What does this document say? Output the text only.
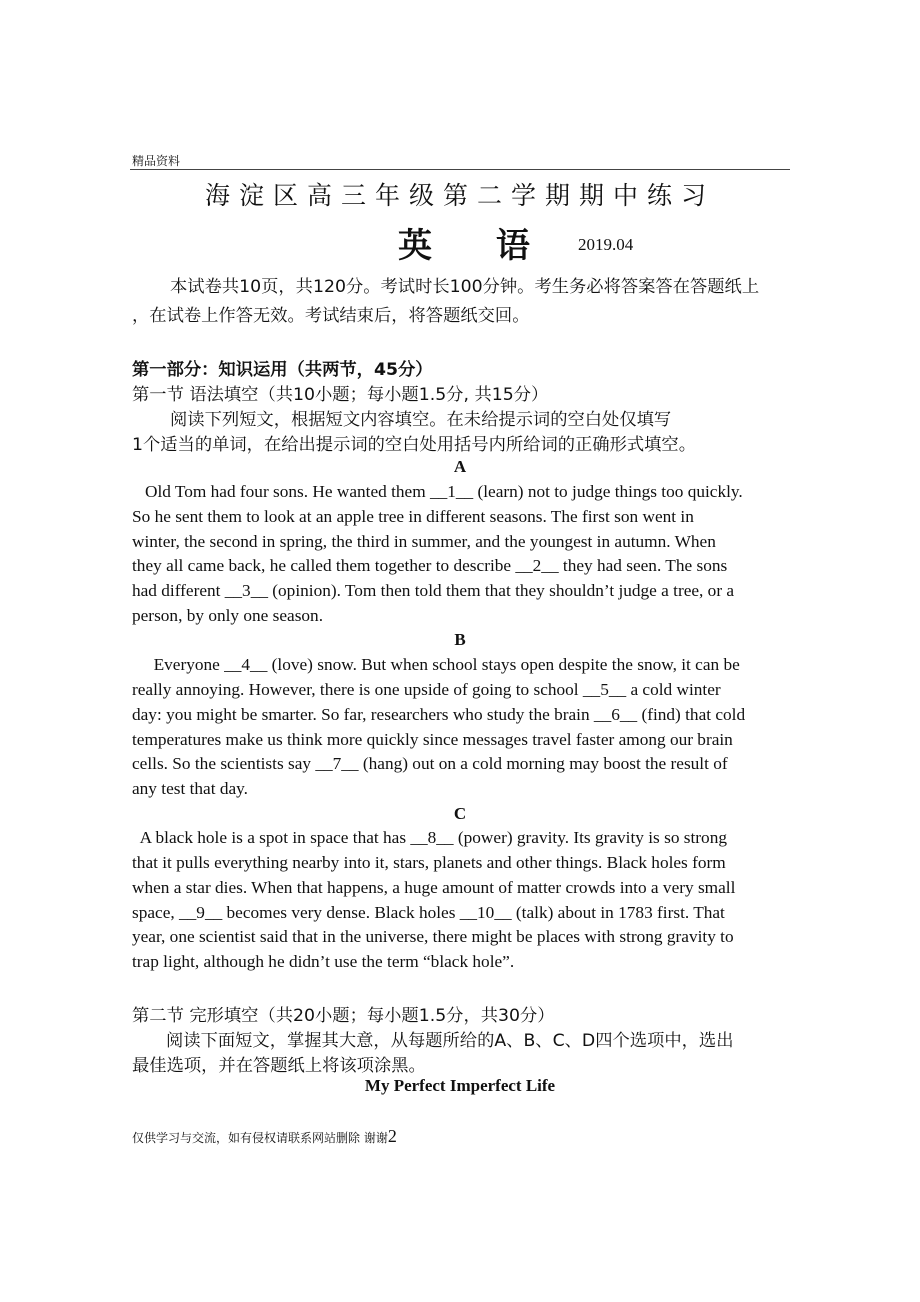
精品资料
海淀区高三年级第二学期期中练习
英 语 2019.04
本试卷共10页，共120分。考试时长100分钟。考生务必将答案答在答题纸上
，在试卷上作答无效。考试结束后，将答题纸交回。
第一部分：知识运用（共两节，45分）
第一节 语法填空（共10小题；每小题1.5分, 共15分）
阅读下列短文，根据短文内容填空。在未给提示词的空白处仅填写
1个适当的单词，在给出提示词的空白处用括号内所给词的正确形式填空。
A
Old Tom had four sons. He wanted them __1__ (learn) not to judge things too quickly.
So he sent them to look at an apple tree in different seasons. The first son went in
winter, the second in spring, the third in summer, and the youngest in autumn. When
they all came back, he called them together to describe __2__ they had seen. The sons
had different __3__ (opinion). Tom then told them that they shouldn’t judge a tree, or a
person, by only one season.
B
Everyone __4__ (love) snow. But when school stays open despite the snow, it can be
really annoying. However, there is one upside of going to school __5__ a cold winter
day: you might be smarter. So far, researchers who study the brain __6__ (find) that cold
temperatures make us think more quickly since messages travel faster among our brain
cells. So the scientists say __7__ (hang) out on a cold morning may boost the result of
any test that day.
C
A black hole is a spot in space that has __8__ (power) gravity. Its gravity is so strong
that it pulls everything nearby into it, stars, planets and other things. Black holes form
when a star dies. When that happens, a huge amount of matter crowds into a very small
space, __9__ becomes very dense. Black holes __10__ (talk) about in 1783 first. That
year, one scientist said that in the universe, there might be places with strong gravity to
trap light, although he didn’t use the term “black hole”.
第二节 完形填空（共20小题；每小题1.5分，共30分）
阅读下面短文，掌握其大意，从每题所给的A、B、C、D四个选项中，选出
最佳选项，并在答题纸上将该项涂黑。
My Perfect Imperfect Life
仅供学习与交流，如有侵权请联系网站删除 谢谢2
